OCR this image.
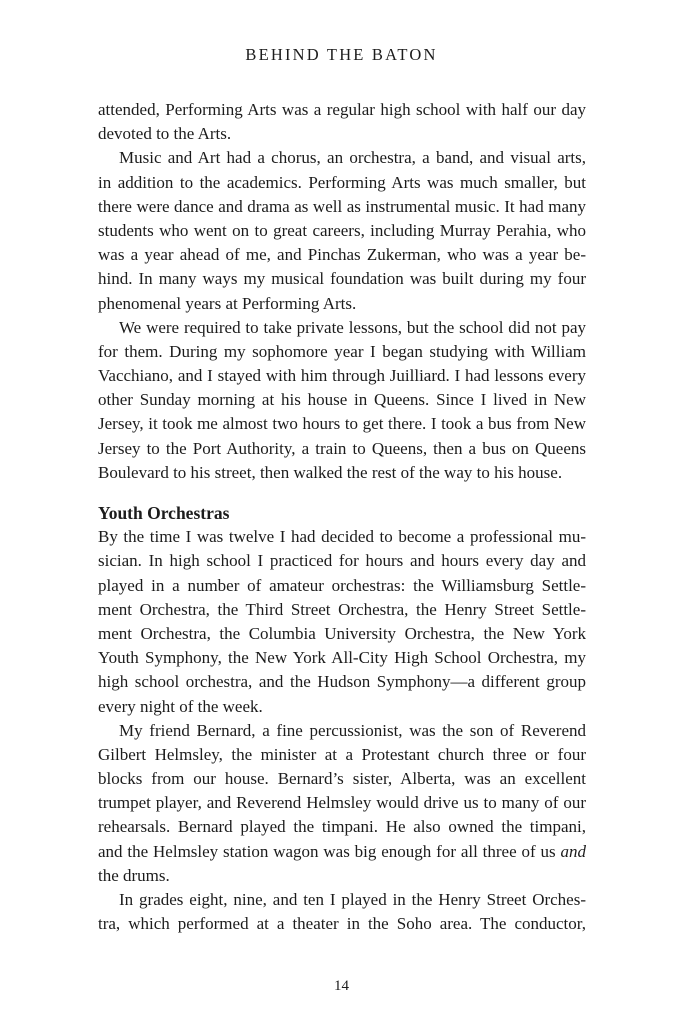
BEHIND THE BATON
attended, Performing Arts was a regular high school with half our day
devoted to the Arts.
Music and Art had a chorus, an orchestra, a band, and visual arts,
in addition to the academics. Performing Arts was much smaller, but
there were dance and drama as well as instrumental music. It had many
students who went on to great careers, including Murray Perahia, who
was a year ahead of me, and Pinchas Zukerman, who was a year be-
hind. In many ways my musical foundation was built during my four
phenomenal years at Performing Arts.
We were required to take private lessons, but the school did not pay
for them. During my sophomore year I began studying with William
Vacchiano, and I stayed with him through Juilliard. I had lessons every
other Sunday morning at his house in Queens. Since I lived in New
Jersey, it took me almost two hours to get there. I took a bus from New
Jersey to the Port Authority, a train to Queens, then a bus on Queens
Boulevard to his street, then walked the rest of the way to his house.
Youth Orchestras
By the time I was twelve I had decided to become a professional mu-
sician. In high school I practiced for hours and hours every day and
played in a number of amateur orchestras: the Williamsburg Settle-
ment Orchestra, the Third Street Orchestra, the Henry Street Settle-
ment Orchestra, the Columbia University Orchestra, the New York
Youth Symphony, the New York All-City High School Orchestra, my
high school orchestra, and the Hudson Symphony—a different group
every night of the week.
My friend Bernard, a fine percussionist, was the son of Reverend
Gilbert Helmsley, the minister at a Protestant church three or four
blocks from our house. Bernard’s sister, Alberta, was an excellent
trumpet player, and Reverend Helmsley would drive us to many of our
rehearsals. Bernard played the timpani. He also owned the timpani,
and the Helmsley station wagon was big enough for all three of us and
the drums.
In grades eight, nine, and ten I played in the Henry Street Orches-
tra, which performed at a theater in the Soho area. The conductor,
14
